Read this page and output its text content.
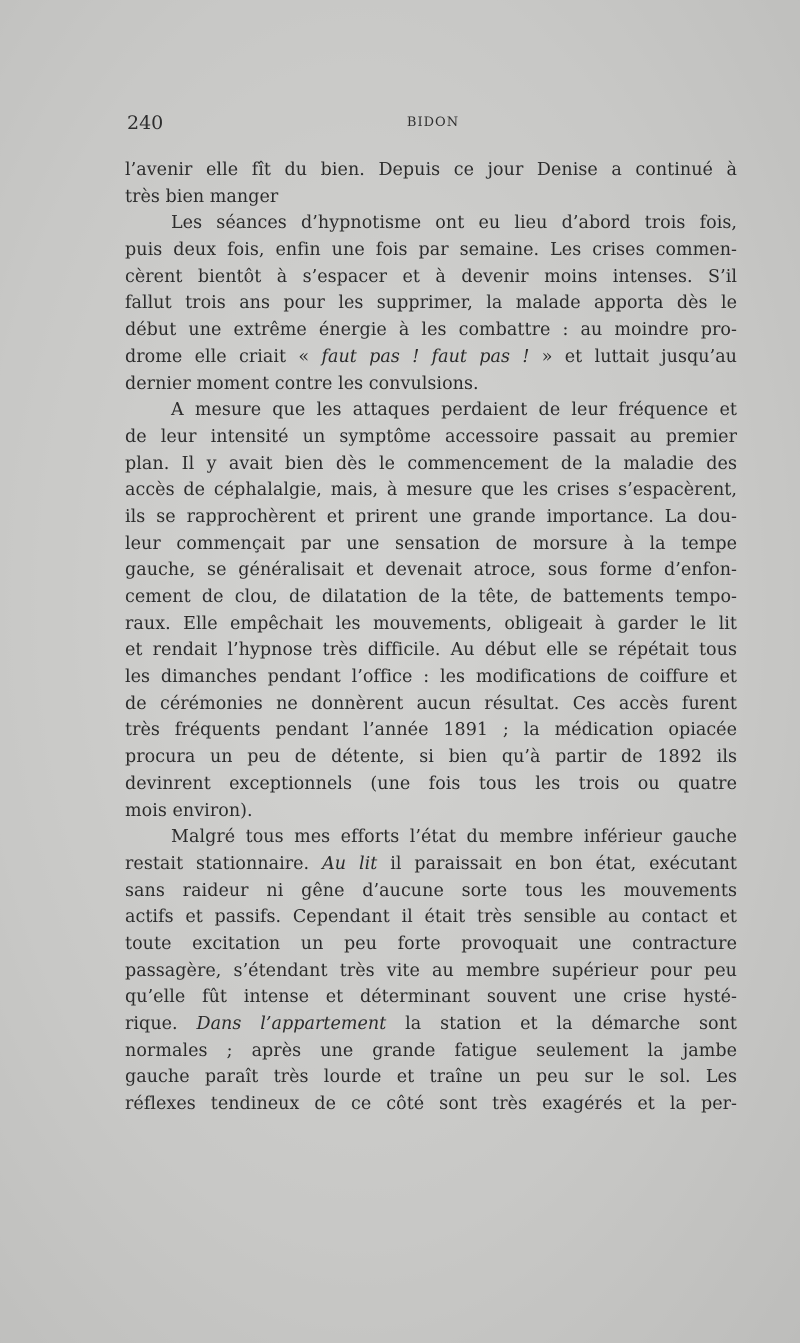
240	BIDON
l’avenir elle fît du bien. Depuis ce jour Denise a continué à
très bien manger
Les séances d’hypnotisme ont eu lieu d’abord trois fois,
puis deux fois, enfin une fois par semaine. Les crises commen-
cèrent bientôt à s’espacer et à devenir moins intenses. S’il
fallut trois ans pour les supprimer, la malade apporta dès le
début une extrême énergie à les combattre : au moindre pro-
drome elle criait « faut pas ! faut pas ! » et luttait jusqu’au
dernier moment contre les convulsions.
A mesure que les attaques perdaient de leur fréquence et
de leur intensité un symptôme accessoire passait au premier
plan. Il y avait bien dès le commencement de la maladie des
accès de céphalalgie, mais, à mesure que les crises s’espacèrent,
ils se rapprochèrent et prirent une grande importance. La dou-
leur commençait par une sensation de morsure à la tempe
gauche, se généralisait et devenait atroce, sous forme d’enfon-
cement de clou, de dilatation de la tête, de battements tempo-
raux. Elle empêchait les mouvements, obligeait à garder le lit
et rendait l’hypnose très difficile. Au début elle se répétait tous
les dimanches pendant l’office : les modifications de coiffure et
de cérémonies ne donnèrent aucun résultat. Ces accès furent
très fréquents pendant l’année 1891 ; la médication opiacée
procura un peu de détente, si bien qu’à partir de 1892 ils
devinrent exceptionnels (une fois tous les trois ou quatre
mois environ).
Malgré tous mes efforts l’état du membre inférieur gauche
restait stationnaire. Au lit il paraissait en bon état, exécutant
sans raideur ni gêne d’aucune sorte tous les mouvements
actifs et passifs. Cependant il était très sensible au contact et
toute excitation un peu forte provoquait une contracture
passagère, s’étendant très vite au membre supérieur pour peu
qu’elle fût intense et déterminant souvent une crise hysté-
rique. Dans l’appartement la station et la démarche sont
normales ; après une grande fatigue seulement la jambe
gauche paraît très lourde et traîne un peu sur le sol. Les
réflexes tendineux de ce côté sont très exagérés et la per-
